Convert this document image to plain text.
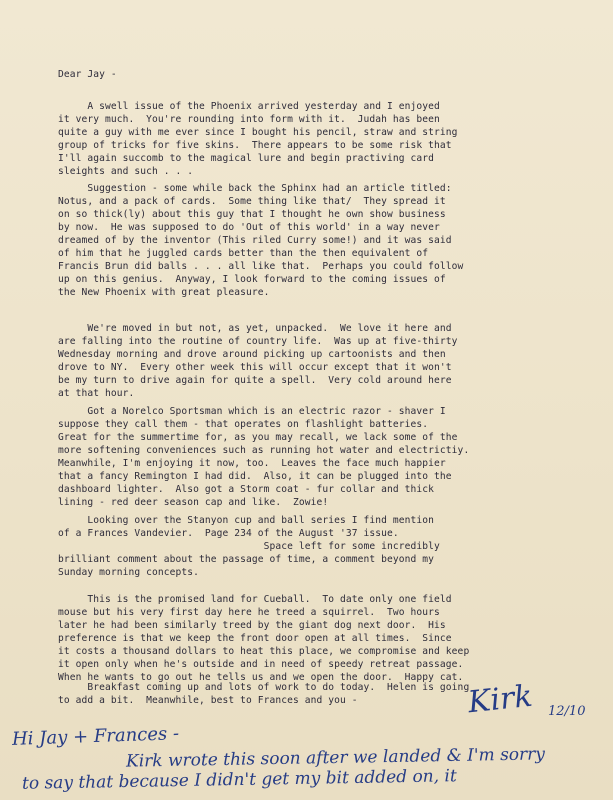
Dear Jay -
A swell issue of the Phoenix arrived yesterday and I enjoyed
it very much.  You're rounding into form with it.  Judah has been
quite a guy with me ever since I bought his pencil, straw and string
group of tricks for five skins.  There appears to be some risk that
I'll again succomb to the magical lure and begin practiving card
sleights and such . . .
Suggestion - some while back the Sphinx had an article titled:
Notus, and a pack of cards.  Some thing like that/  They spread it
on so thick(ly) about this guy that I thought he own show business
by now.  He was supposed to do 'Out of this world' in a way never
dreamed of by the inventor (This riled Curry some!) and it was said
of him that he juggled cards better than the then equivalent of
Francis Brun did balls . . . all like that.  Perhaps you could follow
up on this genius.  Anyway, I look forward to the coming issues of
the New Phoenix with great pleasure.
We're moved in but not, as yet, unpacked.  We love it here and
are falling into the routine of country life.  Was up at five-thirty
Wednesday morning and drove around picking up cartoonists and then
drove to NY.  Every other week this will occur except that it won't
be my turn to drive again for quite a spell.  Very cold around here
at that hour.
Got a Norelco Sportsman which is an electric razor - shaver I
suppose they call them - that operates on flashlight batteries.
Great for the summertime for, as you may recall, we lack some of the
more softening conveniences such as running hot water and electrictiy.
Meanwhile, I'm enjoying it now, too.  Leaves the face much happier
that a fancy Remington I had did.  Also, it can be plugged into the
dashboard lighter.  Also got a Storm coat - fur collar and thick
lining - red deer season cap and like.  Zowie!
Looking over the Stanyon cup and ball series I find mention
of a Frances Vandevier.  Page 234 of the August '37 issue.
Space left for some incredibly
brilliant comment about the passage of time, a comment beyond my
Sunday morning concepts.
This is the promised land for Cueball.  To date only one field
mouse but his very first day here he treed a squirrel.  Two hours
later he had been similarly treed by the giant dog next door.  His
preference is that we keep the front door open at all times.  Since
it costs a thousand dollars to heat this place, we compromise and keep
it open only when he's outside and in need of speedy retreat passage.
When he wants to go out he tells us and we open the door.  Happy cat.
Breakfast coming up and lots of work to do today.  Helen is going
to add a bit.  Meanwhile, best to Frances and you -	Kirk 12/10
Hi Jay + Frances -
Kirk wrote this soon after we landed & I'm sorry
to say that because I didn't get my bit added on, it
